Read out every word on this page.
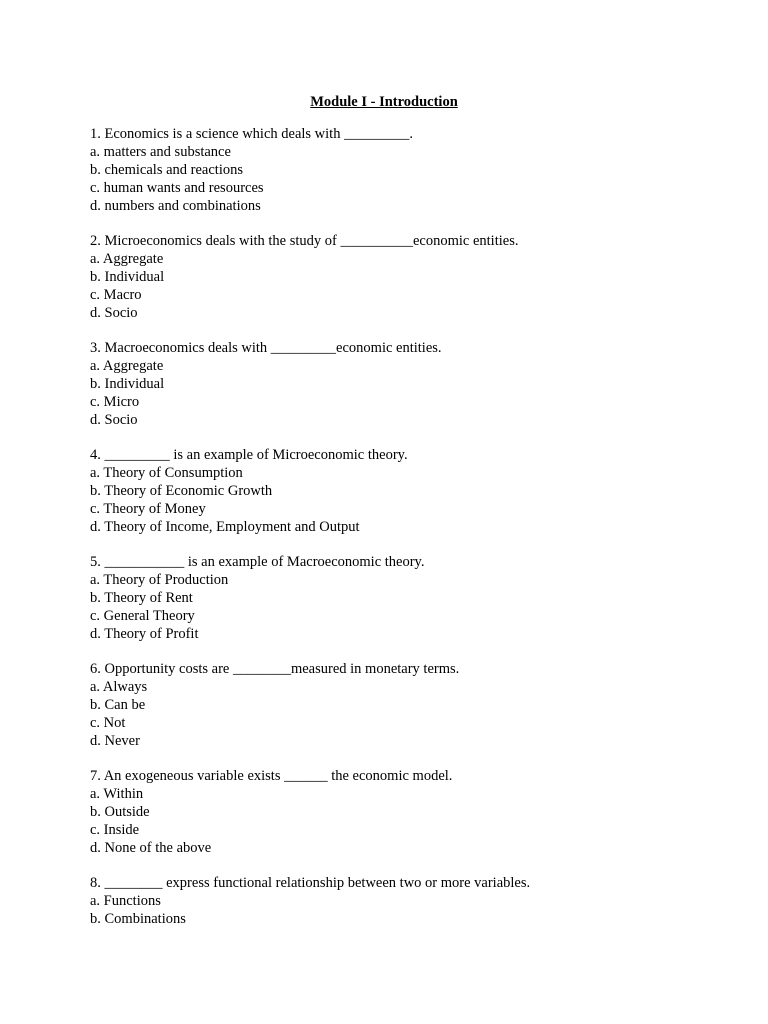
Module I - Introduction
1. Economics is a science which deals with _________.
a. matters and substance
b. chemicals and reactions
c. human wants and resources
d. numbers and combinations
2. Microeconomics deals with the study of __________economic entities.
a. Aggregate
b. Individual
c. Macro
d. Socio
3. Macroeconomics deals with _________economic entities.
a. Aggregate
b. Individual
c. Micro
d. Socio
4. _________ is an example of Microeconomic theory.
a. Theory of Consumption
b. Theory of Economic Growth
c. Theory of Money
d. Theory of Income, Employment and Output
5. ___________ is an example of Macroeconomic theory.
a. Theory of Production
b. Theory of Rent
c. General Theory
d. Theory of Profit
6. Opportunity costs are ________measured in monetary terms.
a. Always
b. Can be
c. Not
d. Never
7. An exogeneous variable exists ______ the economic model.
a. Within
b. Outside
c. Inside
d. None of the above
8. ________ express functional relationship between two or more variables.
a. Functions
b. Combinations
